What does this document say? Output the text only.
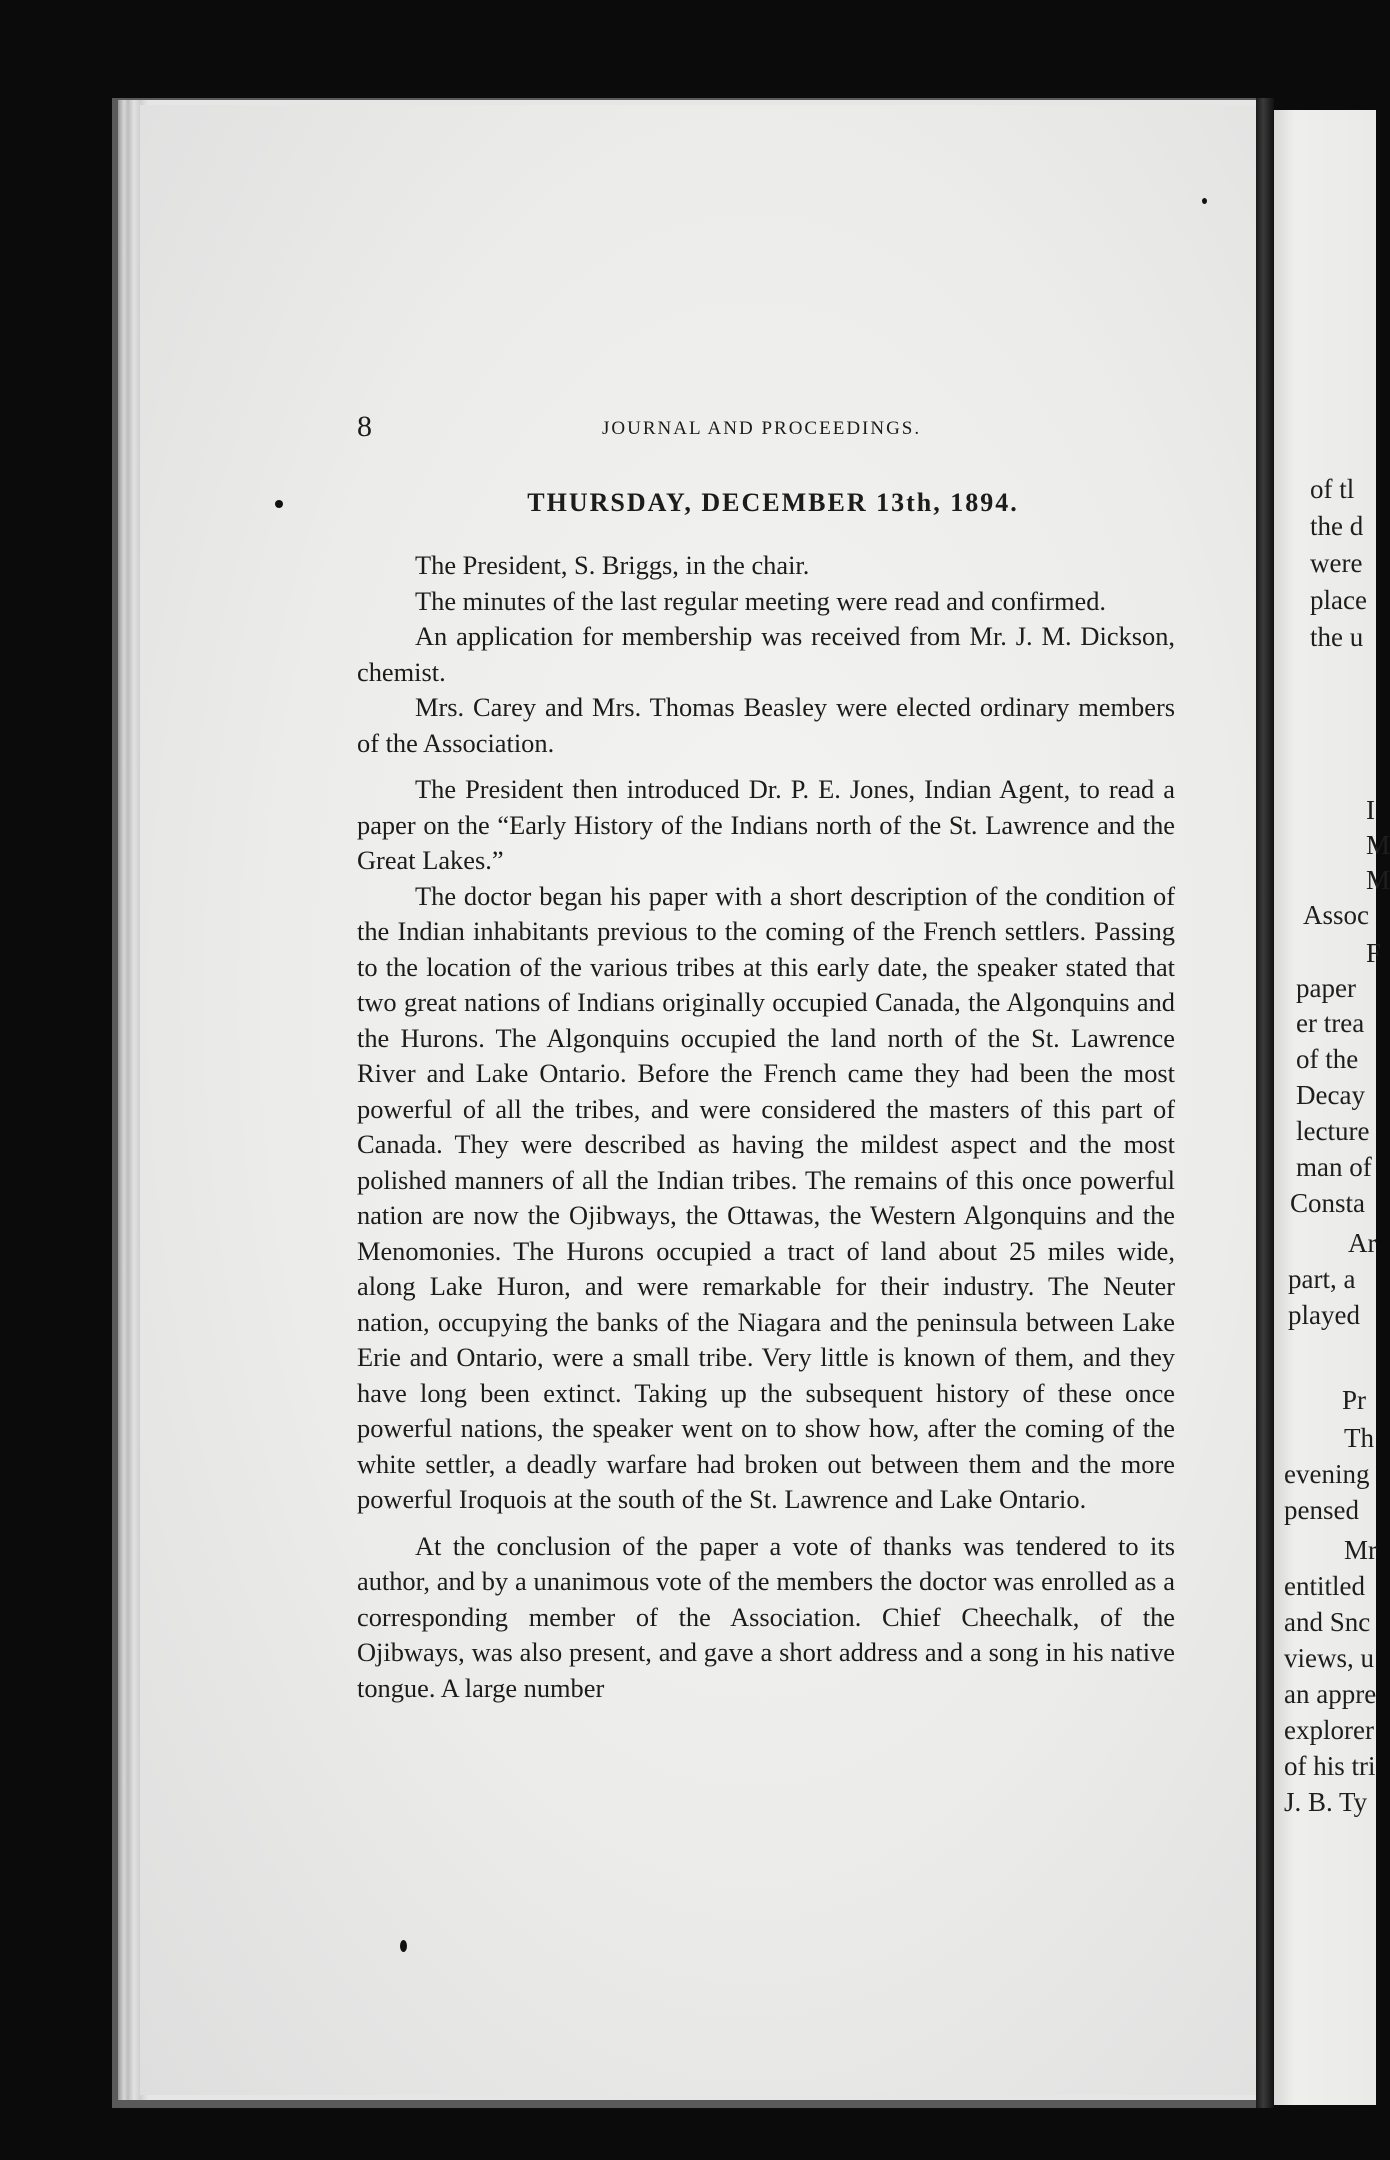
8	JOURNAL AND PROCEEDINGS.
THURSDAY, DECEMBER 13th, 1894.

The President, S. Briggs, in the chair.

The minutes of the last regular meeting were read and confirmed.

An application for membership was received from Mr. J. M. Dickson, chemist.

Mrs. Carey and Mrs. Thomas Beasley were elected ordinary members of the Association.

The President then introduced Dr. P. E. Jones, Indian Agent, to read a paper on the “Early History of the Indians north of the St. Lawrence and the Great Lakes.”

The doctor began his paper with a short description of the condition of the Indian inhabitants previous to the coming of the French settlers. Passing to the location of the various tribes at this early date, the speaker stated that two great nations of Indians originally occupied Canada, the Algonquins and the Hurons. The Algonquins occupied the land north of the St. Lawrence River and Lake Ontario. Before the French came they had been the most powerful of all the tribes, and were considered the masters of this part of Canada. They were described as having the mildest aspect and the most polished manners of all the Indian tribes. The remains of this once powerful nation are now the Ojibways, the Ottawas, the Western Algonquins and the Menomonies. The Hurons occupied a tract of land about 25 miles wide, along Lake Huron, and were remarkable for their industry. The Neuter nation, occupying the banks of the Niagara and the peninsula between Lake Erie and Ontario, were a small tribe. Very little is known of them, and they have long been extinct. Taking up the subsequent history of these once powerful nations, the speaker went on to show how, after the coming of the white settler, a deadly warfare had broken out between them and the more powerful Iroquois at the south of the St. Lawrence and Lake Ontario.

At the conclusion of the paper a vote of thanks was tendered to its author, and by a unanimous vote of the members the doctor was enrolled as a corresponding member of the Association. Chief Cheechalk, of the Ojibways, was also present, and gave a short address and a song in his native tongue. A large number

of tl
the d
were
place
the u
I
M
M
Assoc
F
paper
er trea
of the
Decay
lecture
man of
Consta
Ar
part, a
played
Pr
Th
evening
pensed
Mr
entitled
and Snc
views, u
an appre
explorer
of his tri
J. B. Ty
